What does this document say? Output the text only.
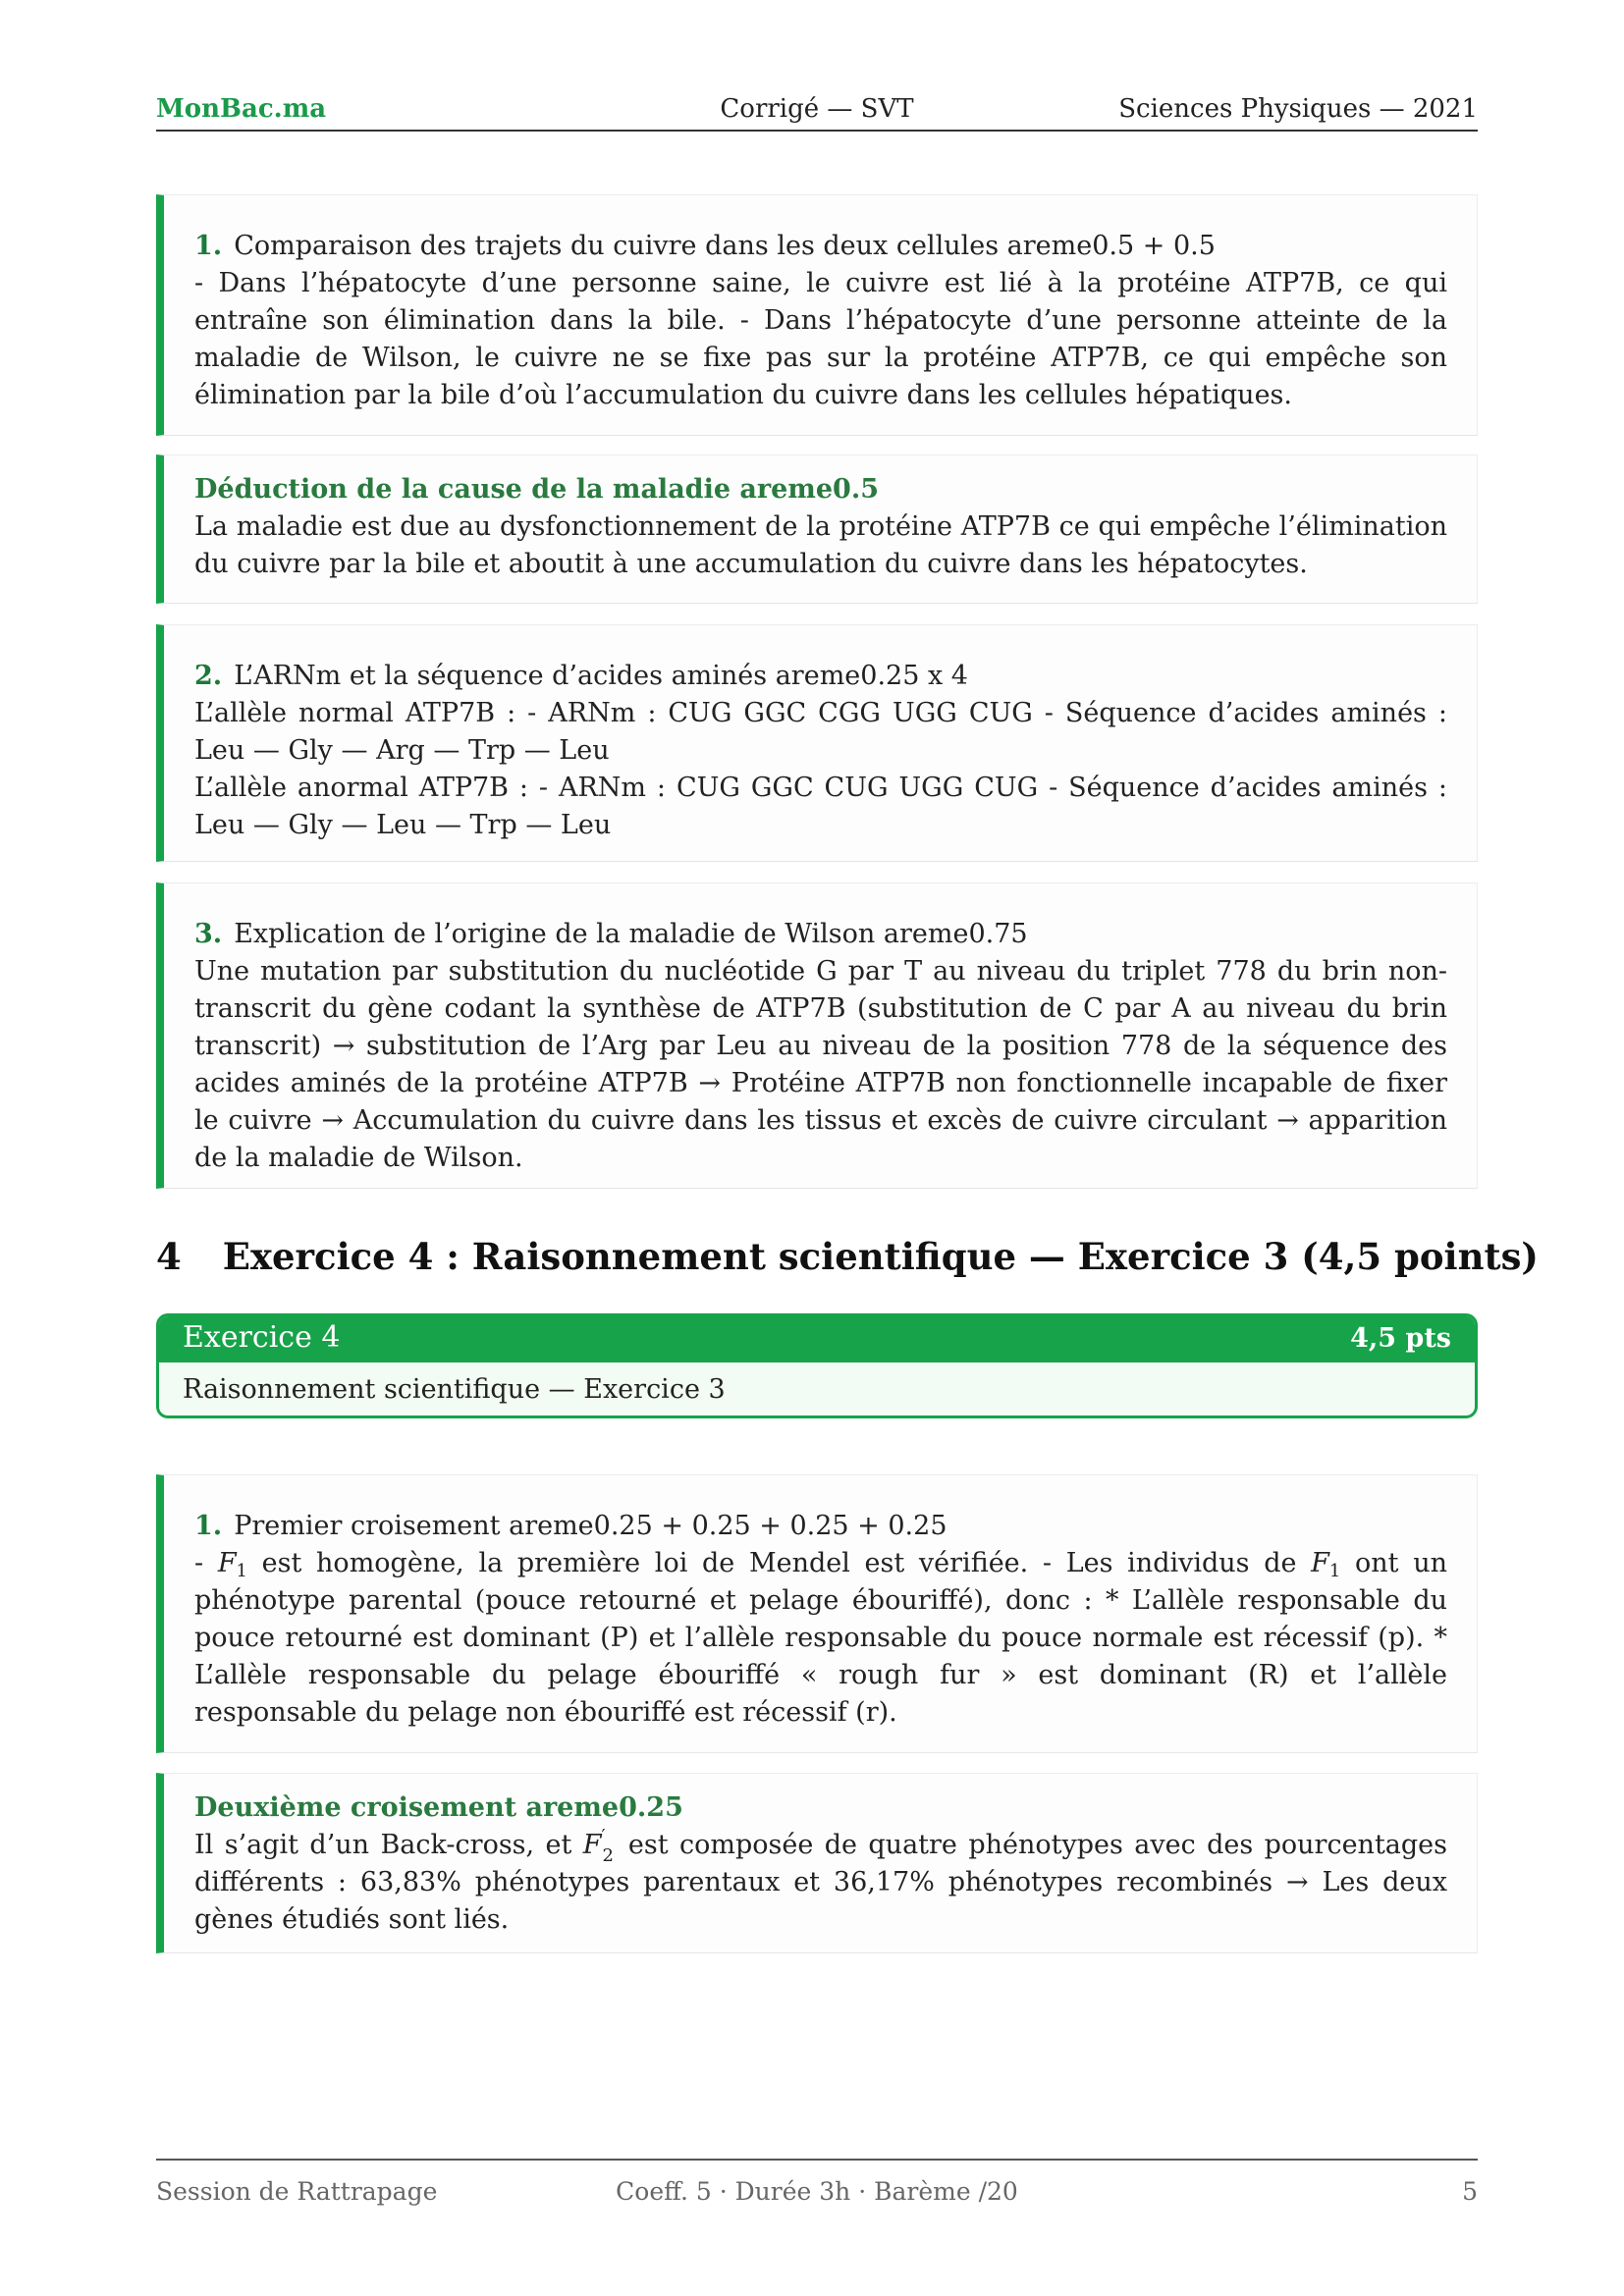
MonBac.ma	Corrigé — SVT	Sciences Physiques — 2021
1. Comparaison des trajets du cuivre dans les deux cellules areme0.5 + 0.5
- Dans l’hépatocyte d’une personne saine, le cuivre est lié à la protéine ATP7B, ce qui entraîne son élimination dans la bile. - Dans l’hépatocyte d’une personne atteinte de la maladie de Wilson, le cuivre ne se fixe pas sur la protéine ATP7B, ce qui empêche son élimination par la bile d’où l’accumulation du cuivre dans les cellules hépatiques.
Déduction de la cause de la maladie areme0.5
La maladie est due au dysfonctionnement de la protéine ATP7B ce qui empêche l’élimination du cuivre par la bile et aboutit à une accumulation du cuivre dans les hépatocytes.
2. L’ARNm et la séquence d’acides aminés areme0.25 x 4
L’allèle normal ATP7B : - ARNm : CUG GGC CGG UGG CUG - Séquence d’acides aminés : Leu — Gly — Arg — Trp — Leu
L’allèle anormal ATP7B : - ARNm : CUG GGC CUG UGG CUG - Séquence d’acides aminés : Leu — Gly — Leu — Trp — Leu
3. Explication de l’origine de la maladie de Wilson areme0.75
Une mutation par substitution du nucléotide G par T au niveau du triplet 778 du brin non-transcrit du gène codant la synthèse de ATP7B (substitution de C par A au niveau du brin transcrit) → substitution de l’Arg par Leu au niveau de la position 778 de la séquence des acides aminés de la protéine ATP7B → Protéine ATP7B non fonctionnelle incapable de fixer le cuivre → Accumulation du cuivre dans les tissus et excès de cuivre circulant → apparition de la maladie de Wilson.
4 Exercice 4 : Raisonnement scientifique — Exercice 3 (4,5 points)
Exercice 4	4,5 pts
Raisonnement scientifique — Exercice 3
1. Premier croisement areme0.25 + 0.25 + 0.25 + 0.25
- $F_1$ est homogène, la première loi de Mendel est vérifiée. - Les individus de $F_1$ ont un phénotype parental (pouce retourné et pelage ébouriffé), donc : * L’allèle responsable du pouce retourné est dominant (P) et l’allèle responsable du pouce normale est récessif (p). * L’allèle responsable du pelage ébouriffé « rough fur » est dominant (R) et l’allèle responsable du pelage non ébouriffé est récessif (r).
Deuxième croisement areme0.25
Il s’agit d’un Back-cross, et F ′
2 est composée de quatre phénotypes avec des pourcentages différents : 63,83% phénotypes parentaux et 36,17% phénotypes recombinés → Les deux gènes étudiés sont liés.
Session de Rattrapage	Coeff. 5 · Durée 3h · Barème /20	5
